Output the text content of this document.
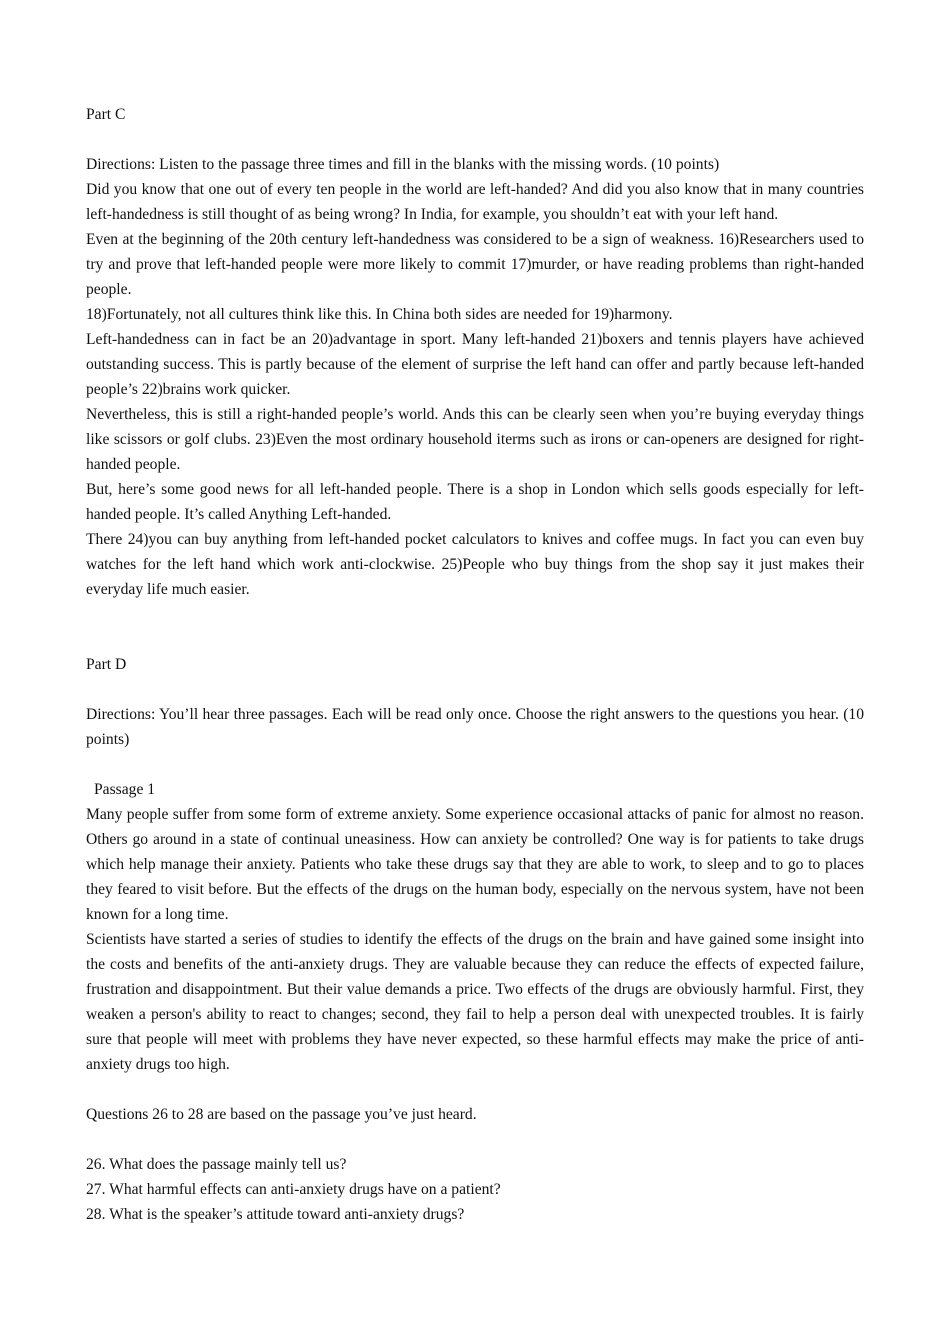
Part C

Directions: Listen to the passage three times and fill in the blanks with the missing words. (10 points)

Did you know that one out of every ten people in the world are left-handed? And did you also know that in many countries left-handedness is still thought of as being wrong? In India, for example, you shouldn’t eat with your left hand.

Even at the beginning of the 20th century left-handedness was considered to be a sign of weakness. 16)Researchers used to try and prove that left-handed people were more likely to commit 17)murder, or have reading problems than right-handed people.

18)Fortunately, not all cultures think like this. In China both sides are needed for 19)harmony.

Left-handedness can in fact be an 20)advantage in sport. Many left-handed 21)boxers and tennis players have achieved outstanding success. This is partly because of the element of surprise the left hand can offer and partly because left-handed people’s 22)brains work quicker.

Nevertheless, this is still a right-handed people’s world. Ands this can be clearly seen when you’re buying everyday things like scissors or golf clubs. 23)Even the most ordinary household iterms such as irons or can-openers are designed for right-handed people.

But, here’s some good news for all left-handed people. There is a shop in London which sells goods especially for left-handed people. It’s called Anything Left-handed.

There 24)you can buy anything from left-handed pocket calculators to knives and coffee mugs. In fact you can even buy watches for the left hand which work anti-clockwise. 25)People who buy things from the shop say it just makes their everyday life much easier.

Part D

Directions: You’ll hear three passages. Each will be read only once. Choose the right answers to the questions you hear. (10 points)

Passage 1

Many people suffer from some form of extreme anxiety. Some experience occasional attacks of panic for almost no reason. Others go around in a state of continual uneasiness. How can anxiety be controlled? One way is for patients to take drugs which help manage their anxiety. Patients who take these drugs say that they are able to work, to sleep and to go to places they feared to visit before. But the effects of the drugs on the human body, especially on the nervous system, have not been known for a long time.

Scientists have started a series of studies to identify the effects of the drugs on the brain and have gained some insight into the costs and benefits of the anti-anxiety drugs. They are valuable because they can reduce the effects of expected failure, frustration and disappointment. But their value demands a price. Two effects of the drugs are obviously harmful. First, they weaken a person's ability to react to changes; second, they fail to help a person deal with unexpected troubles. It is fairly sure that people will meet with problems they have never expected, so these harmful effects may make the price of anti-anxiety drugs too high.

Questions 26 to 28 are based on the passage you’ve just heard.

26. What does the passage mainly tell us?

27. What harmful effects can anti-anxiety drugs have on a patient?

28. What is the speaker’s attitude toward anti-anxiety drugs?
